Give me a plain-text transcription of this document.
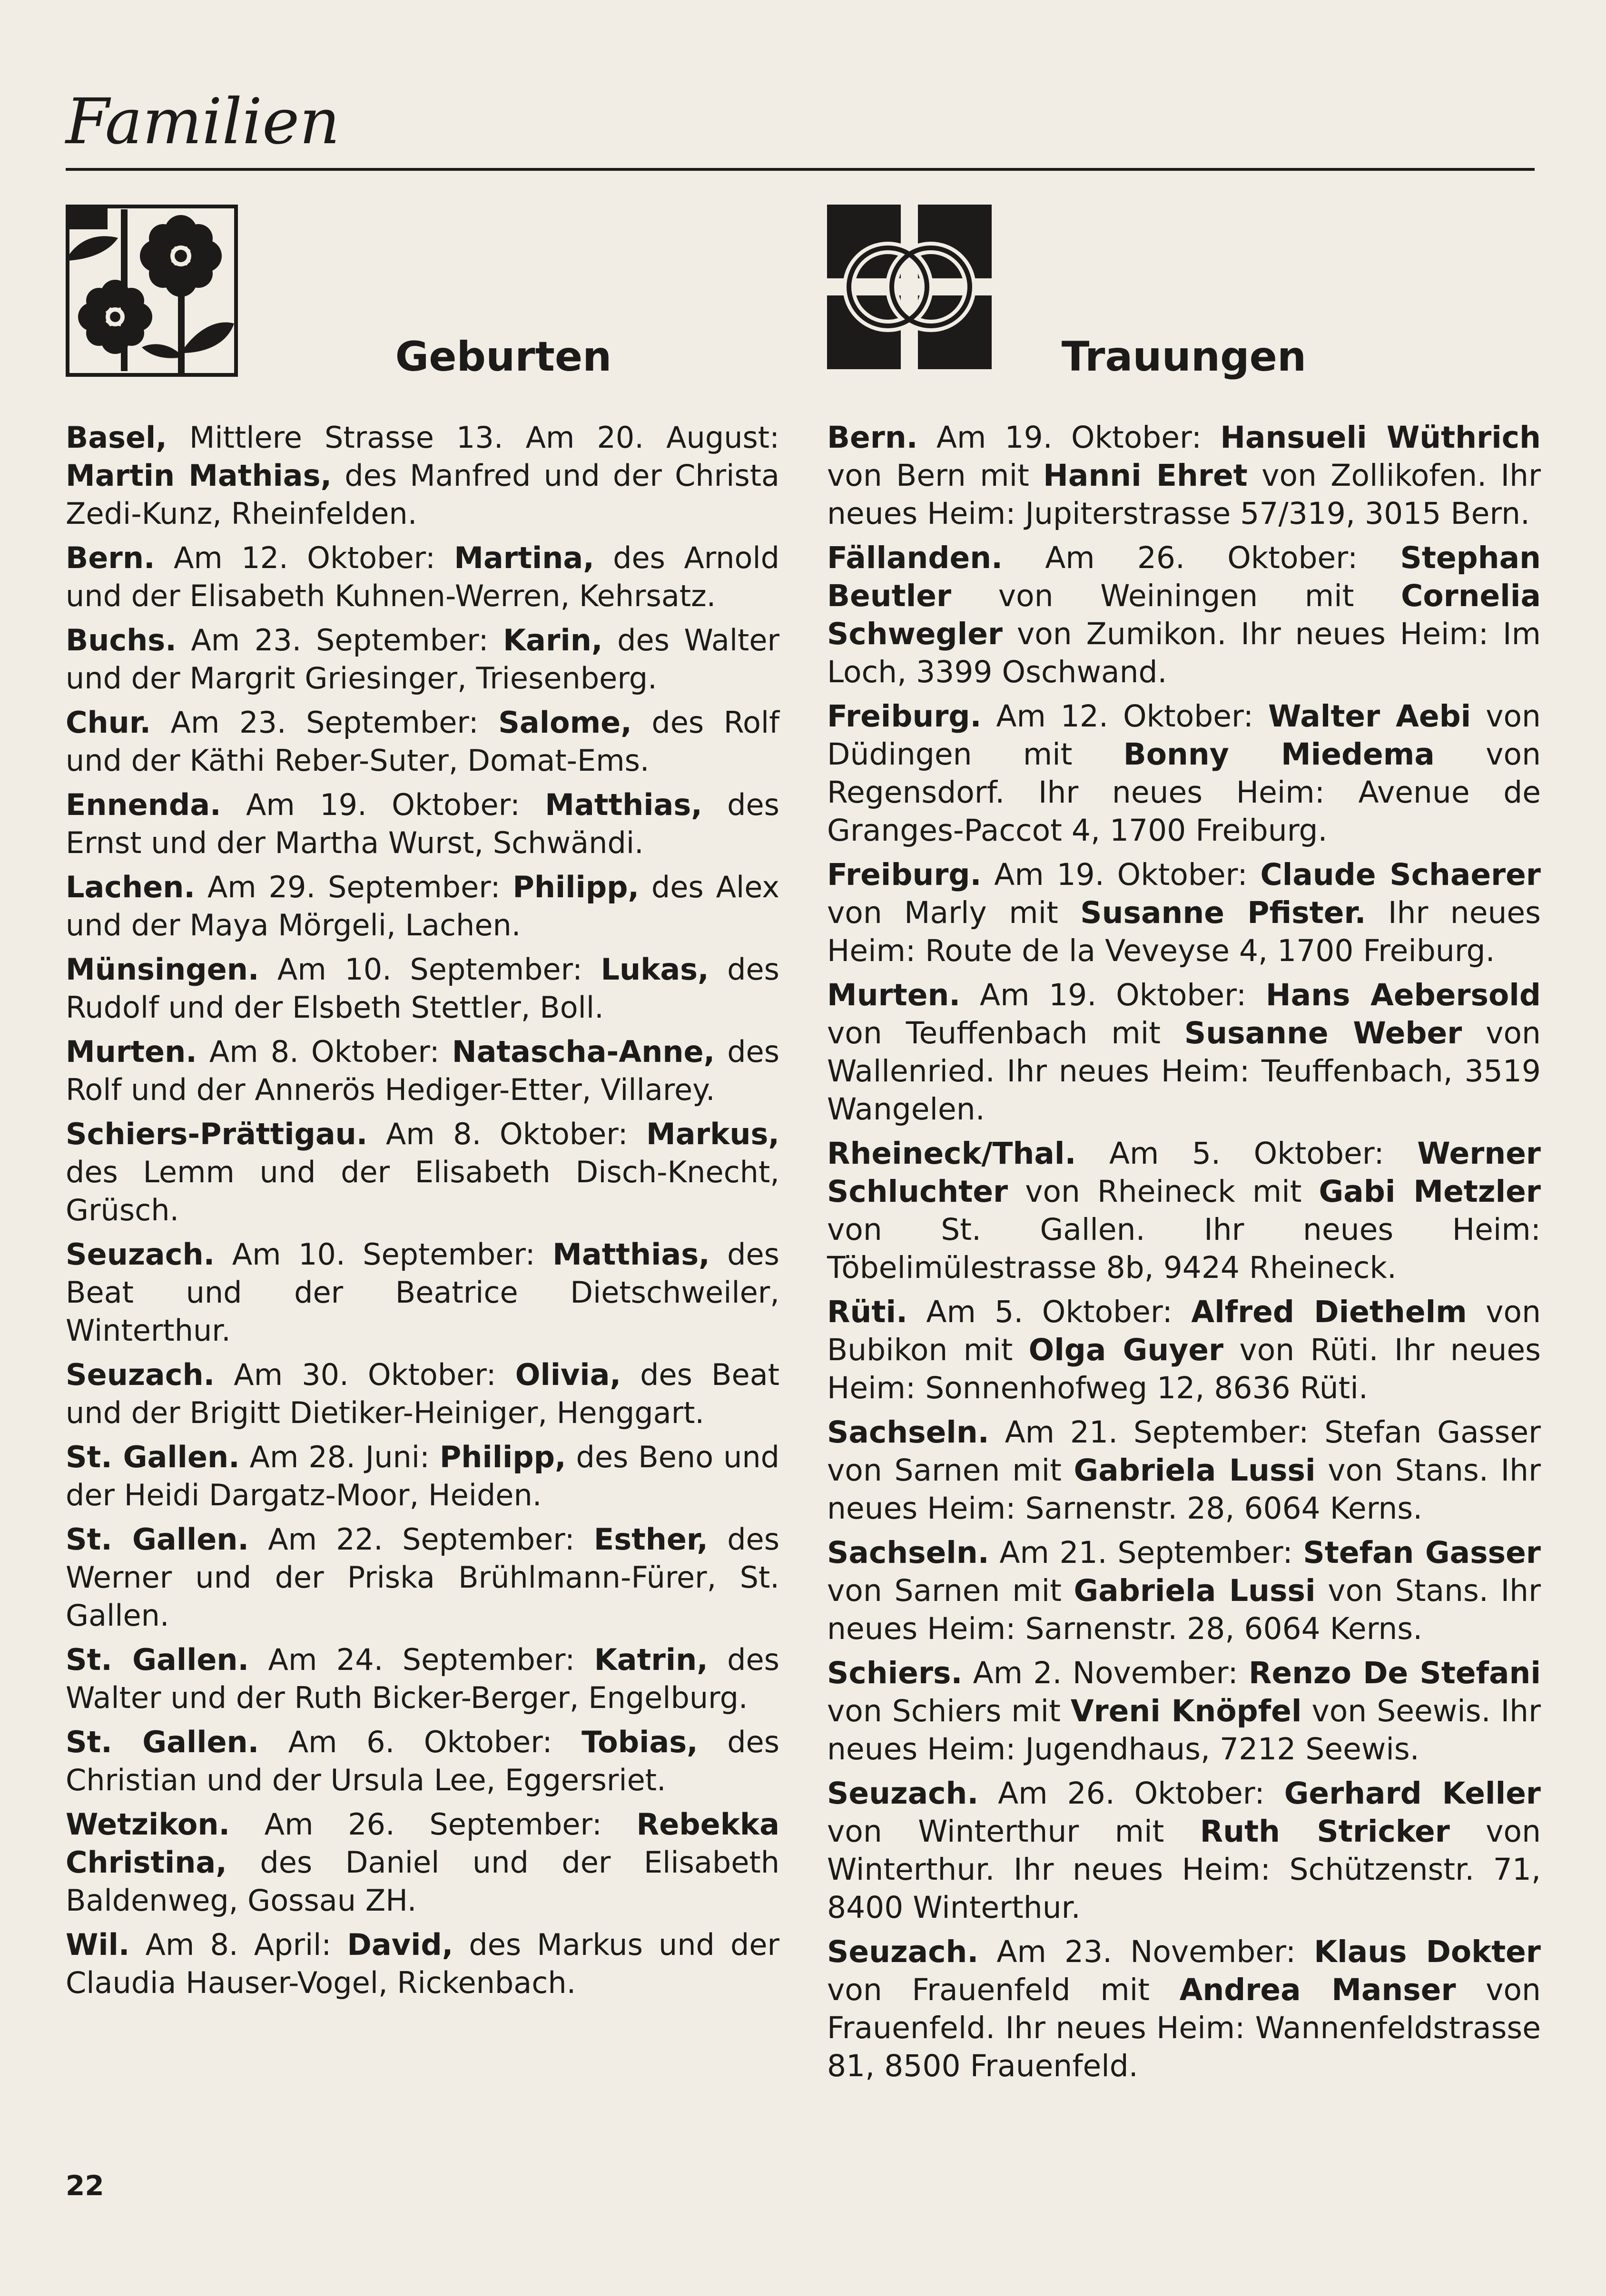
Familien
Geburten
Basel, Mittlere Strasse 13. Am 20. August: Martin Mathias, des Manfred und der Christa Zedi-Kunz, Rheinfelden.
Bern. Am 12. Oktober: Martina, des Arnold und der Elisabeth Kuhnen-Werren, Kehrsatz.
Buchs. Am 23. September: Karin, des Walter und der Margrit Griesinger, Triesenberg.
Chur. Am 23. September: Salome, des Rolf und der Käthi Reber-Suter, Domat-Ems.
Ennenda. Am 19. Oktober: Matthias, des Ernst und der Martha Wurst, Schwändi.
Lachen. Am 29. September: Philipp, des Alex und der Maya Mörgeli, Lachen.
Münsingen. Am 10. September: Lukas, des Rudolf und der Elsbeth Stettler, Boll.
Murten. Am 8. Oktober: Natascha-Anne, des Rolf und der Annerös Hediger-Etter, Villarey.
Schiers-Prättigau. Am 8. Oktober: Markus, des Lemm und der Elisabeth Disch-Knecht, Grüsch.
Seuzach. Am 10. September: Matthias, des Beat und der Beatrice Dietschweiler, Winterthur.
Seuzach. Am 30. Oktober: Olivia, des Beat und der Brigitt Dietiker-Heiniger, Henggart.
St. Gallen. Am 28. Juni: Philipp, des Beno und der Heidi Dargatz-Moor, Heiden.
St. Gallen. Am 22. September: Esther, des Werner und der Priska Brühlmann-Fürer, St. Gallen.
St. Gallen. Am 24. September: Katrin, des Walter und der Ruth Bicker-Berger, Engelburg.
St. Gallen. Am 6. Oktober: Tobias, des Christian und der Ursula Lee, Eggersriet.
Wetzikon. Am 26. September: Rebekka Christina, des Daniel und der Elisabeth Baldenweg, Gossau ZH.
Wil. Am 8. April: David, des Markus und der Claudia Hauser-Vogel, Rickenbach.
Trauungen
Bern. Am 19. Oktober: Hansueli Wüthrich von Bern mit Hanni Ehret von Zollikofen. Ihr neues Heim: Jupiterstrasse 57/319, 3015 Bern.
Fällanden. Am 26. Oktober: Stephan Beutler von Weiningen mit Cornelia Schwegler von Zumikon. Ihr neues Heim: Im Loch, 3399 Oschwand.
Freiburg. Am 12. Oktober: Walter Aebi von Düdingen mit Bonny Miedema von Regensdorf. Ihr neues Heim: Avenue de Granges-Paccot 4, 1700 Freiburg.
Freiburg. Am 19. Oktober: Claude Schaerer von Marly mit Susanne Pfister. Ihr neues Heim: Route de la Veveyse 4, 1700 Freiburg.
Murten. Am 19. Oktober: Hans Aebersold von Teuffenbach mit Susanne Weber von Wallenried. Ihr neues Heim: Teuffenbach, 3519 Wangelen.
Rheineck/Thal. Am 5. Oktober: Werner Schluchter von Rheineck mit Gabi Metzler von St. Gallen. Ihr neues Heim: Töbelimülestrasse 8b, 9424 Rheineck.
Rüti. Am 5. Oktober: Alfred Diethelm von Bubikon mit Olga Guyer von Rüti. Ihr neues Heim: Sonnenhofweg 12, 8636 Rüti.
Sachseln. Am 21. September: Stefan Gasser von Sarnen mit Gabriela Lussi von Stans. Ihr neues Heim: Sarnenstr. 28, 6064 Kerns.
Sachseln. Am 21. September: Stefan Gasser von Sarnen mit Gabriela Lussi von Stans. Ihr neues Heim: Sarnenstr. 28, 6064 Kerns.
Schiers. Am 2. November: Renzo De Stefani von Schiers mit Vreni Knöpfel von Seewis. Ihr neues Heim: Jugendhaus, 7212 Seewis.
Seuzach. Am 26. Oktober: Gerhard Keller von Winterthur mit Ruth Stricker von Winterthur. Ihr neues Heim: Schützenstr. 71, 8400 Winterthur.
Seuzach. Am 23. November: Klaus Dokter von Frauenfeld mit Andrea Manser von Frauenfeld. Ihr neues Heim: Wannenfeldstrasse 81, 8500 Frauenfeld.
22
